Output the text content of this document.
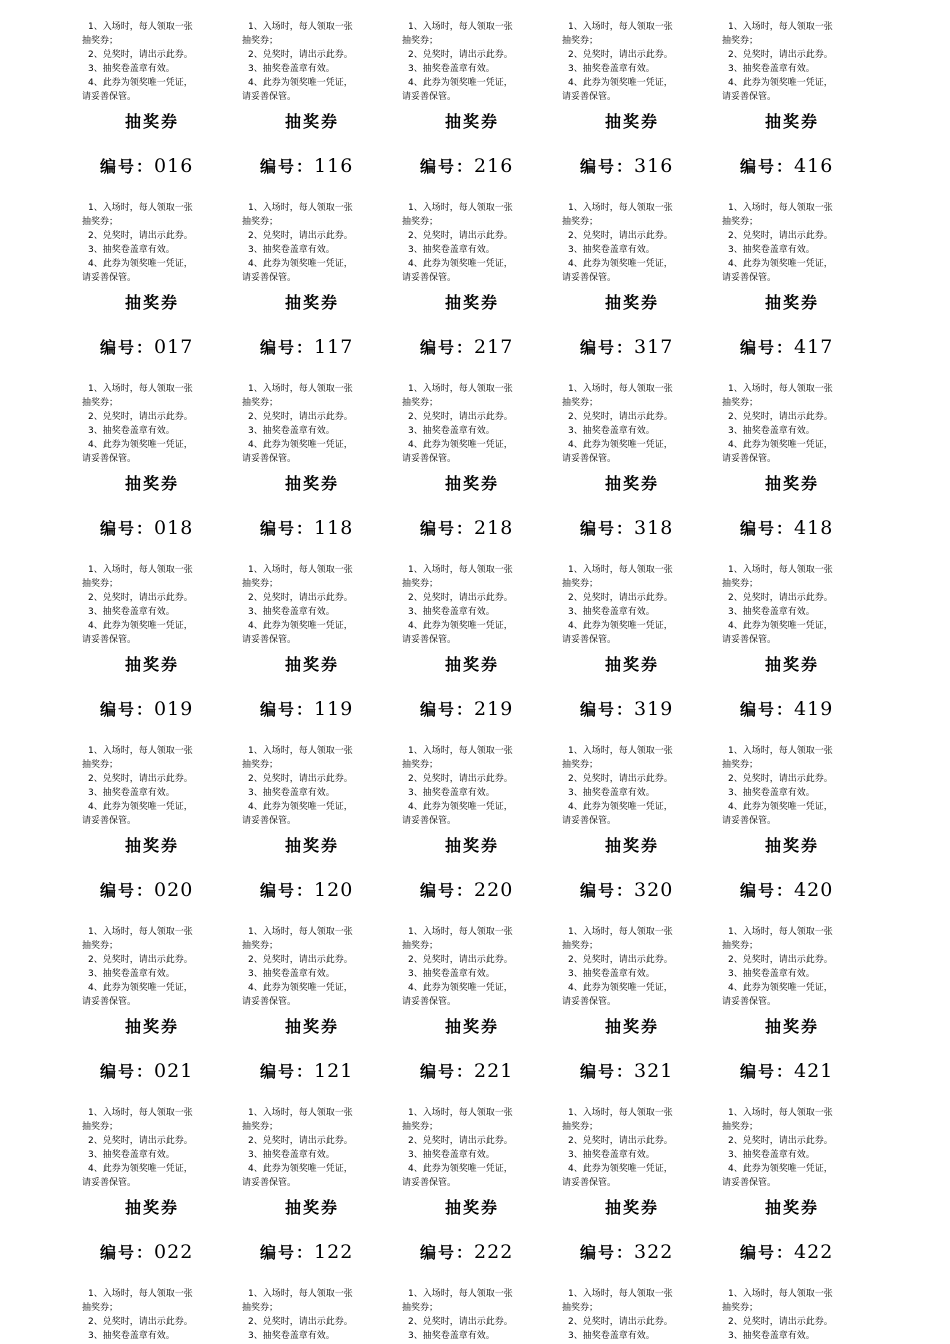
1、入场时，每人领取一张
抽奖券；
2、兑奖时，请出示此券。
3、抽奖卷盖章有效。
4、此券为领奖唯一凭证，
请妥善保管。
抽奖券
编号：016
1、入场时，每人领取一张
抽奖券；
2、兑奖时，请出示此券。
3、抽奖卷盖章有效。
4、此券为领奖唯一凭证，
请妥善保管。
抽奖券
编号：017
1、入场时，每人领取一张
抽奖券；
2、兑奖时，请出示此券。
3、抽奖卷盖章有效。
4、此券为领奖唯一凭证，
请妥善保管。
抽奖券
编号：018
1、入场时，每人领取一张
抽奖券；
2、兑奖时，请出示此券。
3、抽奖卷盖章有效。
4、此券为领奖唯一凭证，
请妥善保管。
抽奖券
编号：019
1、入场时，每人领取一张
抽奖券；
2、兑奖时，请出示此券。
3、抽奖卷盖章有效。
4、此券为领奖唯一凭证，
请妥善保管。
抽奖券
编号：020
1、入场时，每人领取一张
抽奖券；
2、兑奖时，请出示此券。
3、抽奖卷盖章有效。
4、此券为领奖唯一凭证，
请妥善保管。
抽奖券
编号：021
1、入场时，每人领取一张
抽奖券；
2、兑奖时，请出示此券。
3、抽奖卷盖章有效。
4、此券为领奖唯一凭证，
请妥善保管。
抽奖券
编号：022
1、入场时，每人领取一张
抽奖券；
2、兑奖时，请出示此券。
3、抽奖卷盖章有效。
1、入场时，每人领取一张
抽奖券；
2、兑奖时，请出示此券。
3、抽奖卷盖章有效。
4、此券为领奖唯一凭证，
请妥善保管。
抽奖券
编号：116
1、入场时，每人领取一张
抽奖券；
2、兑奖时，请出示此券。
3、抽奖卷盖章有效。
4、此券为领奖唯一凭证，
请妥善保管。
抽奖券
编号：117
1、入场时，每人领取一张
抽奖券；
2、兑奖时，请出示此券。
3、抽奖卷盖章有效。
4、此券为领奖唯一凭证，
请妥善保管。
抽奖券
编号：118
1、入场时，每人领取一张
抽奖券；
2、兑奖时，请出示此券。
3、抽奖卷盖章有效。
4、此券为领奖唯一凭证，
请妥善保管。
抽奖券
编号：119
1、入场时，每人领取一张
抽奖券；
2、兑奖时，请出示此券。
3、抽奖卷盖章有效。
4、此券为领奖唯一凭证，
请妥善保管。
抽奖券
编号：120
1、入场时，每人领取一张
抽奖券；
2、兑奖时，请出示此券。
3、抽奖卷盖章有效。
4、此券为领奖唯一凭证，
请妥善保管。
抽奖券
编号：121
1、入场时，每人领取一张
抽奖券；
2、兑奖时，请出示此券。
3、抽奖卷盖章有效。
4、此券为领奖唯一凭证，
请妥善保管。
抽奖券
编号：122
1、入场时，每人领取一张
抽奖券；
2、兑奖时，请出示此券。
3、抽奖卷盖章有效。
1、入场时，每人领取一张
抽奖券；
2、兑奖时，请出示此券。
3、抽奖卷盖章有效。
4、此券为领奖唯一凭证，
请妥善保管。
抽奖券
编号：216
1、入场时，每人领取一张
抽奖券；
2、兑奖时，请出示此券。
3、抽奖卷盖章有效。
4、此券为领奖唯一凭证，
请妥善保管。
抽奖券
编号：217
1、入场时，每人领取一张
抽奖券；
2、兑奖时，请出示此券。
3、抽奖卷盖章有效。
4、此券为领奖唯一凭证，
请妥善保管。
抽奖券
编号：218
1、入场时，每人领取一张
抽奖券；
2、兑奖时，请出示此券。
3、抽奖卷盖章有效。
4、此券为领奖唯一凭证，
请妥善保管。
抽奖券
编号：219
1、入场时，每人领取一张
抽奖券；
2、兑奖时，请出示此券。
3、抽奖卷盖章有效。
4、此券为领奖唯一凭证，
请妥善保管。
抽奖券
编号：220
1、入场时，每人领取一张
抽奖券；
2、兑奖时，请出示此券。
3、抽奖卷盖章有效。
4、此券为领奖唯一凭证，
请妥善保管。
抽奖券
编号：221
1、入场时，每人领取一张
抽奖券；
2、兑奖时，请出示此券。
3、抽奖卷盖章有效。
4、此券为领奖唯一凭证，
请妥善保管。
抽奖券
编号：222
1、入场时，每人领取一张
抽奖券；
2、兑奖时，请出示此券。
3、抽奖卷盖章有效。
1、入场时，每人领取一张
抽奖券；
2、兑奖时，请出示此券。
3、抽奖卷盖章有效。
4、此券为领奖唯一凭证，
请妥善保管。
抽奖券
编号：316
1、入场时，每人领取一张
抽奖券；
2、兑奖时，请出示此券。
3、抽奖卷盖章有效。
4、此券为领奖唯一凭证，
请妥善保管。
抽奖券
编号：317
1、入场时，每人领取一张
抽奖券；
2、兑奖时，请出示此券。
3、抽奖卷盖章有效。
4、此券为领奖唯一凭证，
请妥善保管。
抽奖券
编号：318
1、入场时，每人领取一张
抽奖券；
2、兑奖时，请出示此券。
3、抽奖卷盖章有效。
4、此券为领奖唯一凭证，
请妥善保管。
抽奖券
编号：319
1、入场时，每人领取一张
抽奖券；
2、兑奖时，请出示此券。
3、抽奖卷盖章有效。
4、此券为领奖唯一凭证，
请妥善保管。
抽奖券
编号：320
1、入场时，每人领取一张
抽奖券；
2、兑奖时，请出示此券。
3、抽奖卷盖章有效。
4、此券为领奖唯一凭证，
请妥善保管。
抽奖券
编号：321
1、入场时，每人领取一张
抽奖券；
2、兑奖时，请出示此券。
3、抽奖卷盖章有效。
4、此券为领奖唯一凭证，
请妥善保管。
抽奖券
编号：322
1、入场时，每人领取一张
抽奖券；
2、兑奖时，请出示此券。
3、抽奖卷盖章有效。
1、入场时，每人领取一张
抽奖券；
2、兑奖时，请出示此券。
3、抽奖卷盖章有效。
4、此券为领奖唯一凭证，
请妥善保管。
抽奖券
编号：416
1、入场时，每人领取一张
抽奖券；
2、兑奖时，请出示此券。
3、抽奖卷盖章有效。
4、此券为领奖唯一凭证，
请妥善保管。
抽奖券
编号：417
1、入场时，每人领取一张
抽奖券；
2、兑奖时，请出示此券。
3、抽奖卷盖章有效。
4、此券为领奖唯一凭证，
请妥善保管。
抽奖券
编号：418
1、入场时，每人领取一张
抽奖券；
2、兑奖时，请出示此券。
3、抽奖卷盖章有效。
4、此券为领奖唯一凭证，
请妥善保管。
抽奖券
编号：419
1、入场时，每人领取一张
抽奖券；
2、兑奖时，请出示此券。
3、抽奖卷盖章有效。
4、此券为领奖唯一凭证，
请妥善保管。
抽奖券
编号：420
1、入场时，每人领取一张
抽奖券；
2、兑奖时，请出示此券。
3、抽奖卷盖章有效。
4、此券为领奖唯一凭证，
请妥善保管。
抽奖券
编号：421
1、入场时，每人领取一张
抽奖券；
2、兑奖时，请出示此券。
3、抽奖卷盖章有效。
4、此券为领奖唯一凭证，
请妥善保管。
抽奖券
编号：422
1、入场时，每人领取一张
抽奖券；
2、兑奖时，请出示此券。
3、抽奖卷盖章有效。
